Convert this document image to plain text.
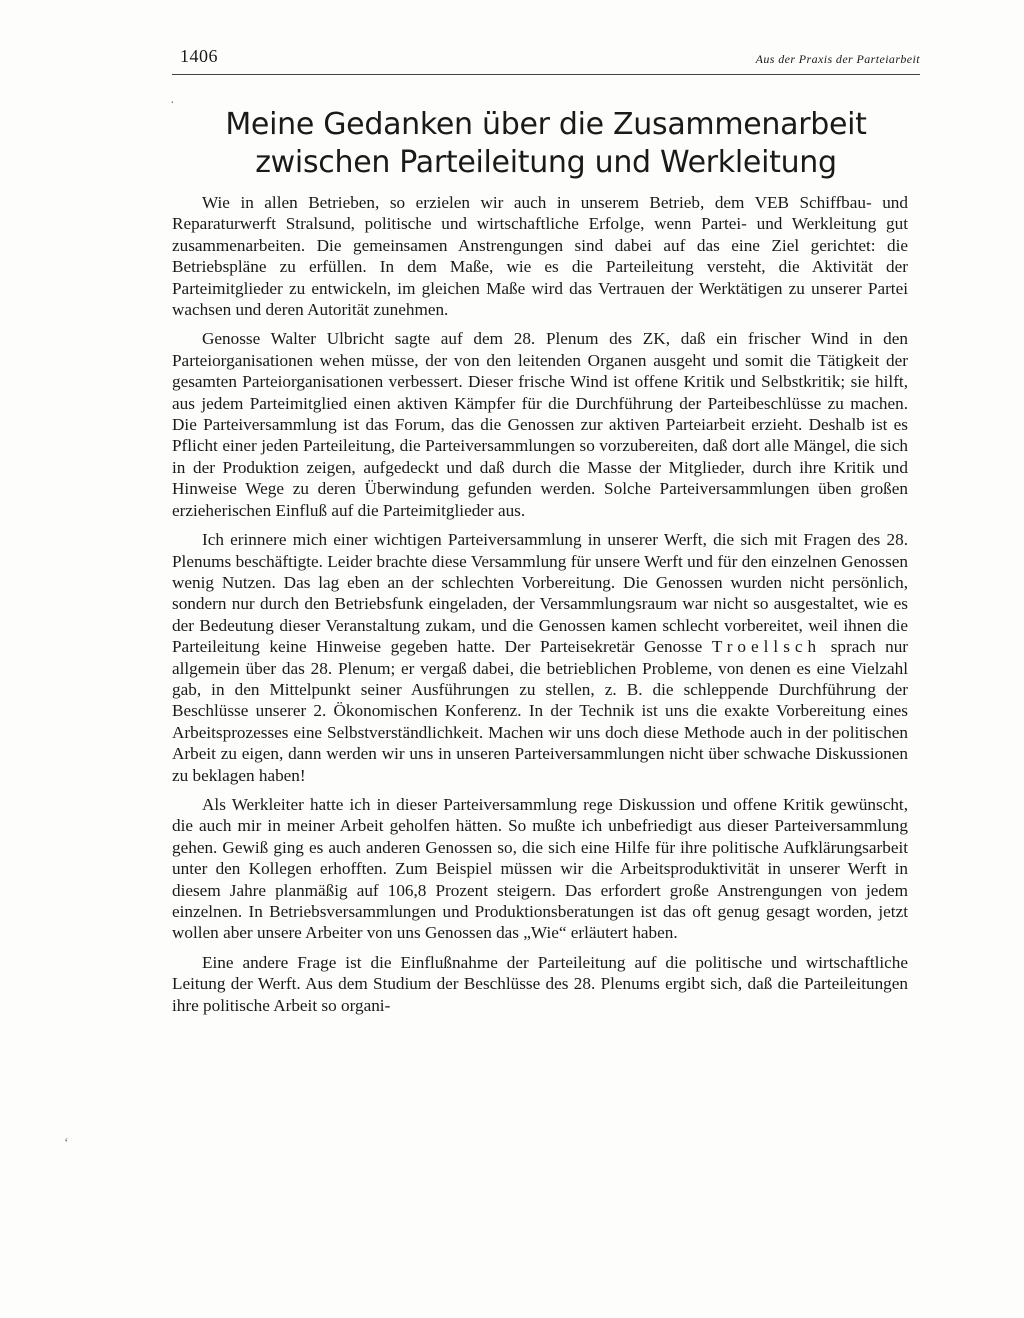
1406	Aus der Praxis der Parteiarbeit
·
‘
Meine Gedanken über die Zusammenarbeit
zwischen Parteileitung und Werkleitung

Wie in allen Betrieben, so erzielen wir auch in unserem Betrieb, dem VEB Schiffbau- und Reparaturwerft Stralsund, politische und wirtschaftliche Erfolge, wenn Partei- und Werkleitung gut zusammenarbeiten. Die gemeinsamen Anstrengungen sind dabei auf das eine Ziel gerichtet: die Betriebspläne zu erfüllen. In dem Maße, wie es die Parteileitung versteht, die Aktivität der Parteimitglieder zu entwickeln, im gleichen Maße wird das Vertrauen der Werktätigen zu unserer Partei wachsen und deren Autorität zunehmen.

Genosse Walter Ulbricht sagte auf dem 28. Plenum des ZK, daß ein frischer Wind in den Parteiorganisationen wehen müsse, der von den leitenden Organen ausgeht und somit die Tätigkeit der gesamten Parteiorganisationen verbessert. Dieser frische Wind ist offene Kritik und Selbstkritik; sie hilft, aus jedem Parteimitglied einen aktiven Kämpfer für die Durchführung der Parteibeschlüsse zu machen. Die Parteiversammlung ist das Forum, das die Genossen zur aktiven Parteiarbeit erzieht. Deshalb ist es Pflicht einer jeden Parteileitung, die Parteiversammlungen so vorzubereiten, daß dort alle Mängel, die sich in der Produktion zeigen, aufgedeckt und daß durch die Masse der Mitglieder, durch ihre Kritik und Hinweise Wege zu deren Überwindung gefunden werden. Solche Parteiversammlungen üben großen erzieherischen Einfluß auf die Parteimitglieder aus.

Ich erinnere mich einer wichtigen Parteiversammlung in unserer Werft, die sich mit Fragen des 28. Plenums beschäftigte. Leider brachte diese Versammlung für unsere Werft und für den einzelnen Genossen wenig Nutzen. Das lag eben an der schlechten Vorbereitung. Die Genossen wurden nicht persönlich, sondern nur durch den Betriebsfunk eingeladen, der Versammlungsraum war nicht so ausgestaltet, wie es der Bedeutung dieser Veranstaltung zukam, und die Genossen kamen schlecht vorbereitet, weil ihnen die Parteileitung keine Hinweise gegeben hatte. Der Parteisekretär Genosse Troellsch sprach nur allgemein über das 28. Plenum; er vergaß dabei, die betrieblichen Probleme, von denen es eine Vielzahl gab, in den Mittelpunkt seiner Ausführungen zu stellen, z. B. die schleppende Durchführung der Beschlüsse unserer 2. Ökonomischen Konferenz. In der Technik ist uns die exakte Vorbereitung eines Arbeitsprozesses eine Selbstverständlichkeit. Machen wir uns doch diese Methode auch in der politischen Arbeit zu eigen, dann werden wir uns in unseren Parteiversammlungen nicht über schwache Diskussionen zu beklagen haben!

Als Werkleiter hatte ich in dieser Parteiversammlung rege Diskussion und offene Kritik gewünscht, die auch mir in meiner Arbeit geholfen hätten. So mußte ich unbefriedigt aus dieser Parteiversammlung gehen. Gewiß ging es auch anderen Genossen so, die sich eine Hilfe für ihre politische Aufklärungsarbeit unter den Kollegen erhofften. Zum Beispiel müssen wir die Arbeitsproduktivität in unserer Werft in diesem Jahre planmäßig auf 106,8 Prozent steigern. Das erfordert große Anstrengungen von jedem einzelnen. In Betriebsversammlungen und Produktionsberatungen ist das oft genug gesagt worden, jetzt wollen aber unsere Arbeiter von uns Genossen das „Wie“ erläutert haben.

Eine andere Frage ist die Einflußnahme der Parteileitung auf die politische und wirtschaftliche Leitung der Werft. Aus dem Studium der Beschlüsse des 28. Plenums ergibt sich, daß die Parteileitungen ihre politische Arbeit so organi-
